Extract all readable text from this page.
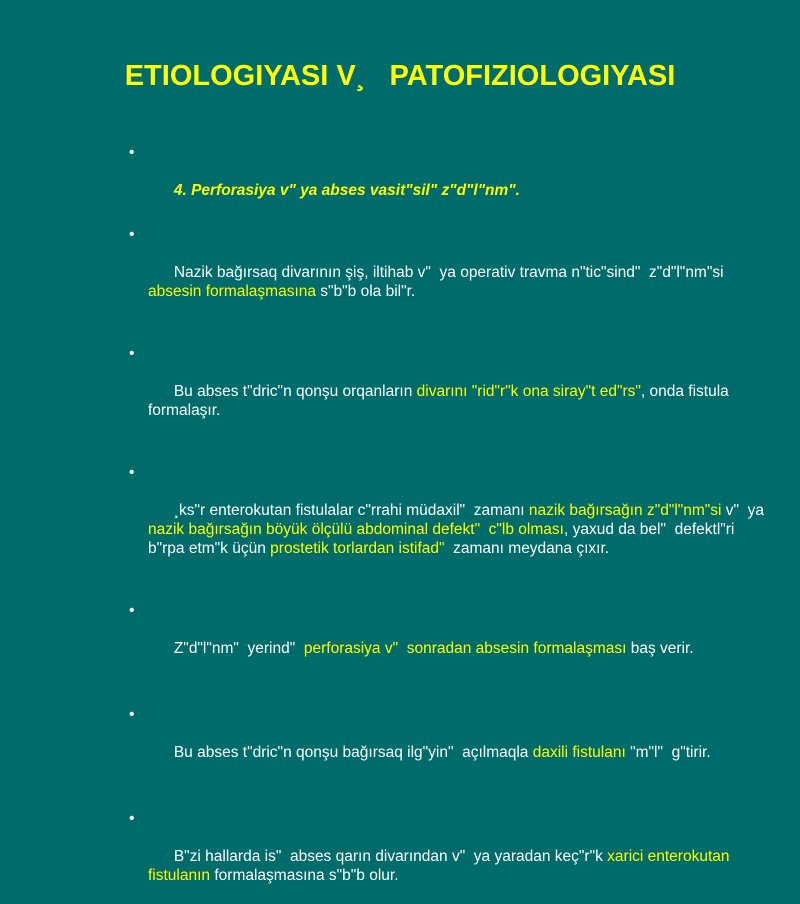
ETIOLOGIYASI V¸   PATOFIZIOLOGIYASI

•

4. Perforasiya v" ya abses vasit"sil" z"d"l"nm".

•

Nazik bağırsaq divarının şiş, iltihab v"  ya operativ travma n"tic"sind"  z"d"l"nm"si absesin formalaşmasına s"b"b ola bil"r.

•

Bu abses t"dric"n qonşu orqanların divarını "rid"r"k ona siray"t ed"rs", onda fistula formalaşır.

•

¸ks"r enterokutan fistulalar c"rrahi müdaxil"  zamanı nazik bağırsağın z"d"l"nm"si v"  ya nazik bağırsağın böyük ölçülü abdominal defekt"  c"lb olması, yaxud da bel"  defektl"ri b"rpa etm"k üçün prostetik torlardan istifad"  zamanı meydana çıxır.

•

Z"d"l"nm"  yerind"  perforasiya v"  sonradan absesin formalaşması baş verir.

•

Bu abses t"dric"n qonşu bağırsaq ilg"yin"  açılmaqla daxili fistulanı "m"l"  g"tirir.

•

B"zi hallarda is"  abses qarın divarından v"  ya yaradan keç"r"k xarici enterokutan fistulanın formalaşmasına s"b"b olur.
